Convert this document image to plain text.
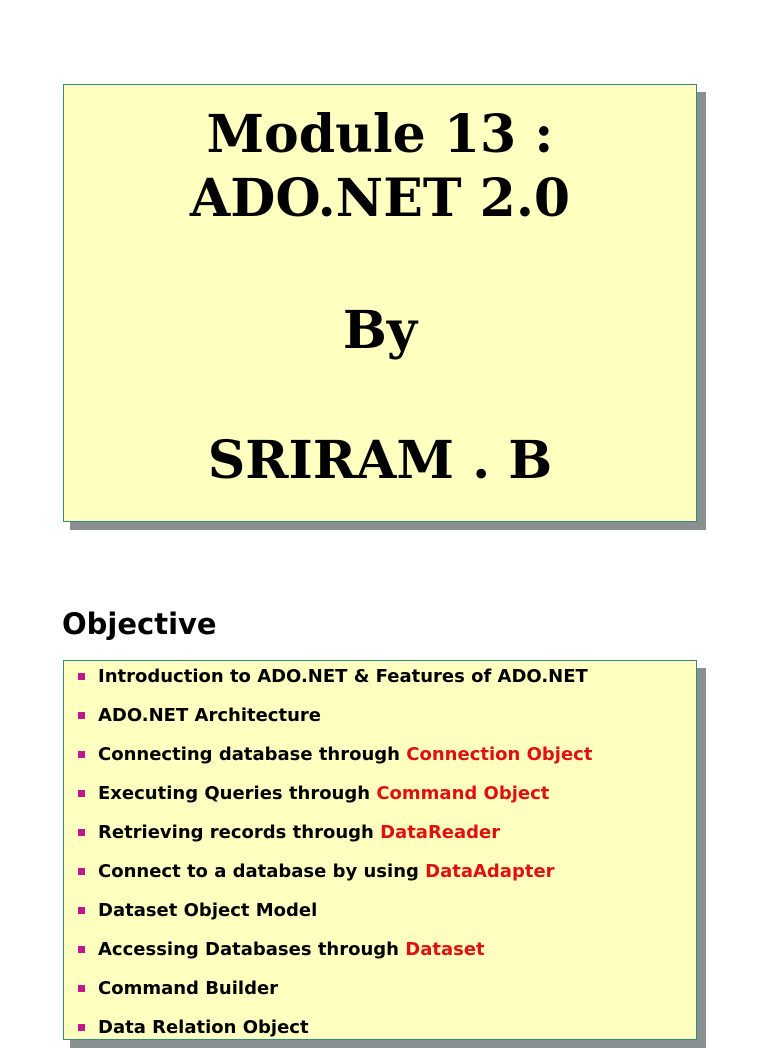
Module 13 :
ADO.NET 2.0
By
SRIRAM . B
Objective
Introduction to ADO.NET & Features of ADO.NET
ADO.NET Architecture
Connecting database through Connection Object
Executing Queries through Command Object
Retrieving records through DataReader
Connect to a database by using DataAdapter
Dataset Object Model
Accessing Databases through Dataset
Command Builder
Data Relation Object
